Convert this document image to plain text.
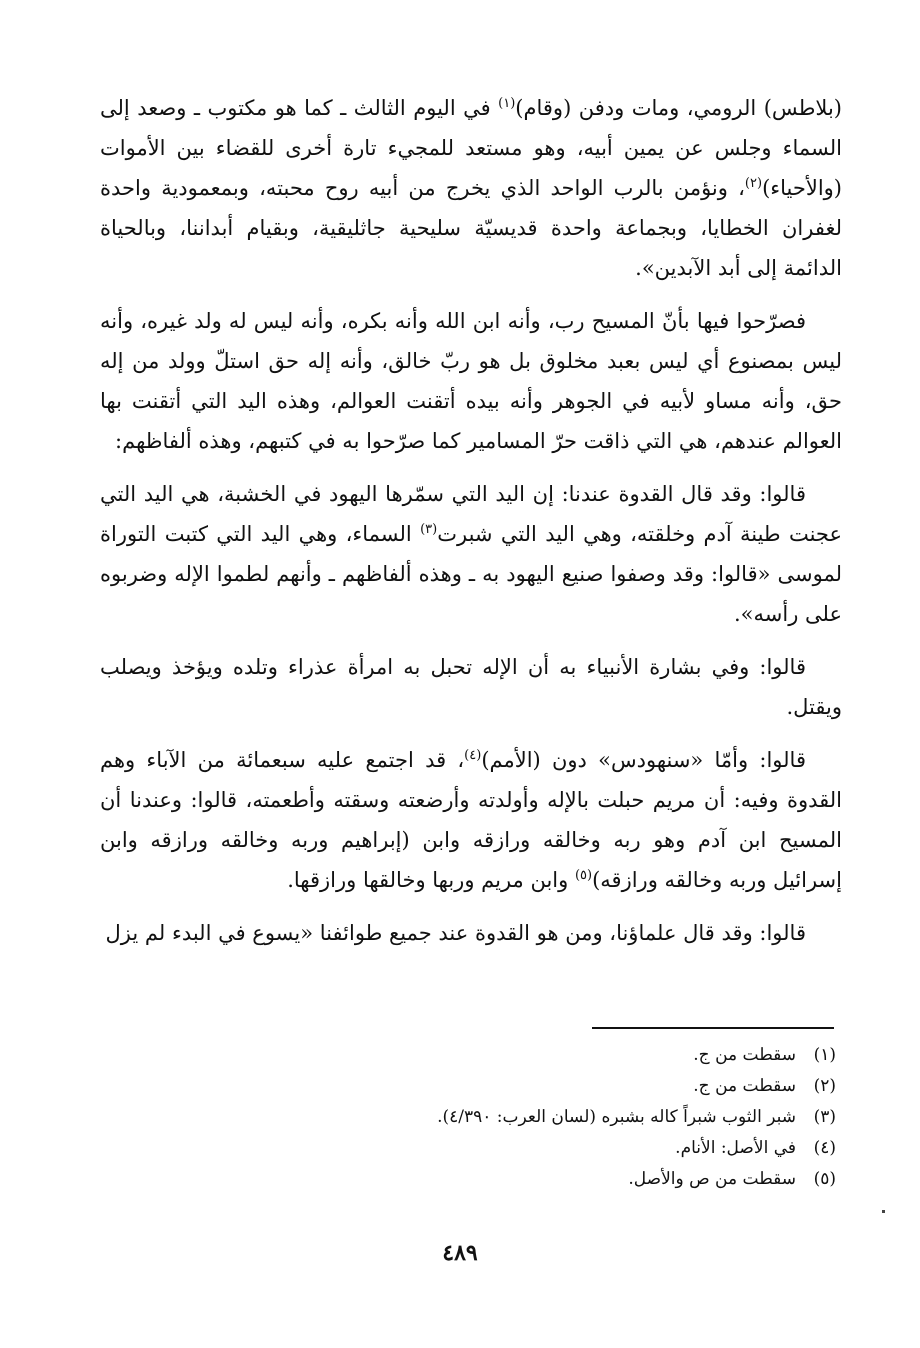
(بلاطس) الرومي، ومات ودفن (وقام)$^{(١)}$ في اليوم الثالث ـ كما هو مكتوب ـ وصعد إلى السماء وجلس عن يمين أبيه، وهو مستعد للمجيء تارة أخرى للقضاء بين الأموات (والأحياء)$^{(٢)}$، ونؤمن بالرب الواحد الذي يخرج من أبيه روح محبته، وبمعمودية واحدة لغفران الخطايا، وبجماعة واحدة قديسيّة سليحية جاثليقية، وبقيام أبداننا، وبالحياة الدائمة إلى أبد الآبدين».

فصرّحوا فيها بأنّ المسيح رب، وأنه ابن الله وأنه بكره، وأنه ليس له ولد غيره، وأنه ليس بمصنوع أي ليس بعبد مخلوق بل هو ربّ خالق، وأنه إله حق استلّ وولد من إله حق، وأنه مساو لأبيه في الجوهر وأنه بيده أتقنت العوالم، وهذه اليد التي أتقنت بها العوالم عندهم، هي التي ذاقت حرّ المسامير كما صرّحوا به في كتبهم، وهذه ألفاظهم:

قالوا: وقد قال القدوة عندنا: إن اليد التي سمّرها اليهود في الخشبة، هي اليد التي عجنت طينة آدم وخلقته، وهي اليد التي شبرت$^{(٣)}$ السماء، وهي اليد التي كتبت التوراة لموسى «قالوا: وقد وصفوا صنيع اليهود به ـ وهذه ألفاظهم ـ وأنهم لطموا الإله وضربوه على رأسه».

قالوا: وفي بشارة الأنبياء به أن الإله تحبل به امرأة عذراء وتلده ويؤخذ ويصلب ويقتل.

قالوا: وأمّا «سنهودس» دون (الأمم)$^{(٤)}$، قد اجتمع عليه سبعمائة من الآباء وهم القدوة وفيه: أن مريم حبلت بالإله وأولدته وأرضعته وسقته وأطعمته، قالوا: وعندنا أن المسيح ابن آدم وهو ربه وخالقه ورازقه وابن (إبراهيم وربه وخالقه ورازقه وابن إسرائيل وربه وخالقه ورازقه)$^{(٥)}$ وابن مريم وربها وخالقها ورازقها.

قالوا: وقد قال علماؤنا، ومن هو القدوة عند جميع طوائفنا «يسوع في البدء لم يزل

(١)سقطت من ج.
(٢)سقطت من ج.
(٣)شبر الثوب شبراً كاله بشبره (لسان العرب: ٤/٣٩٠).
(٤)في الأصل: الأنام.
(٥)سقطت من ص والأصل.
٤٨٩
